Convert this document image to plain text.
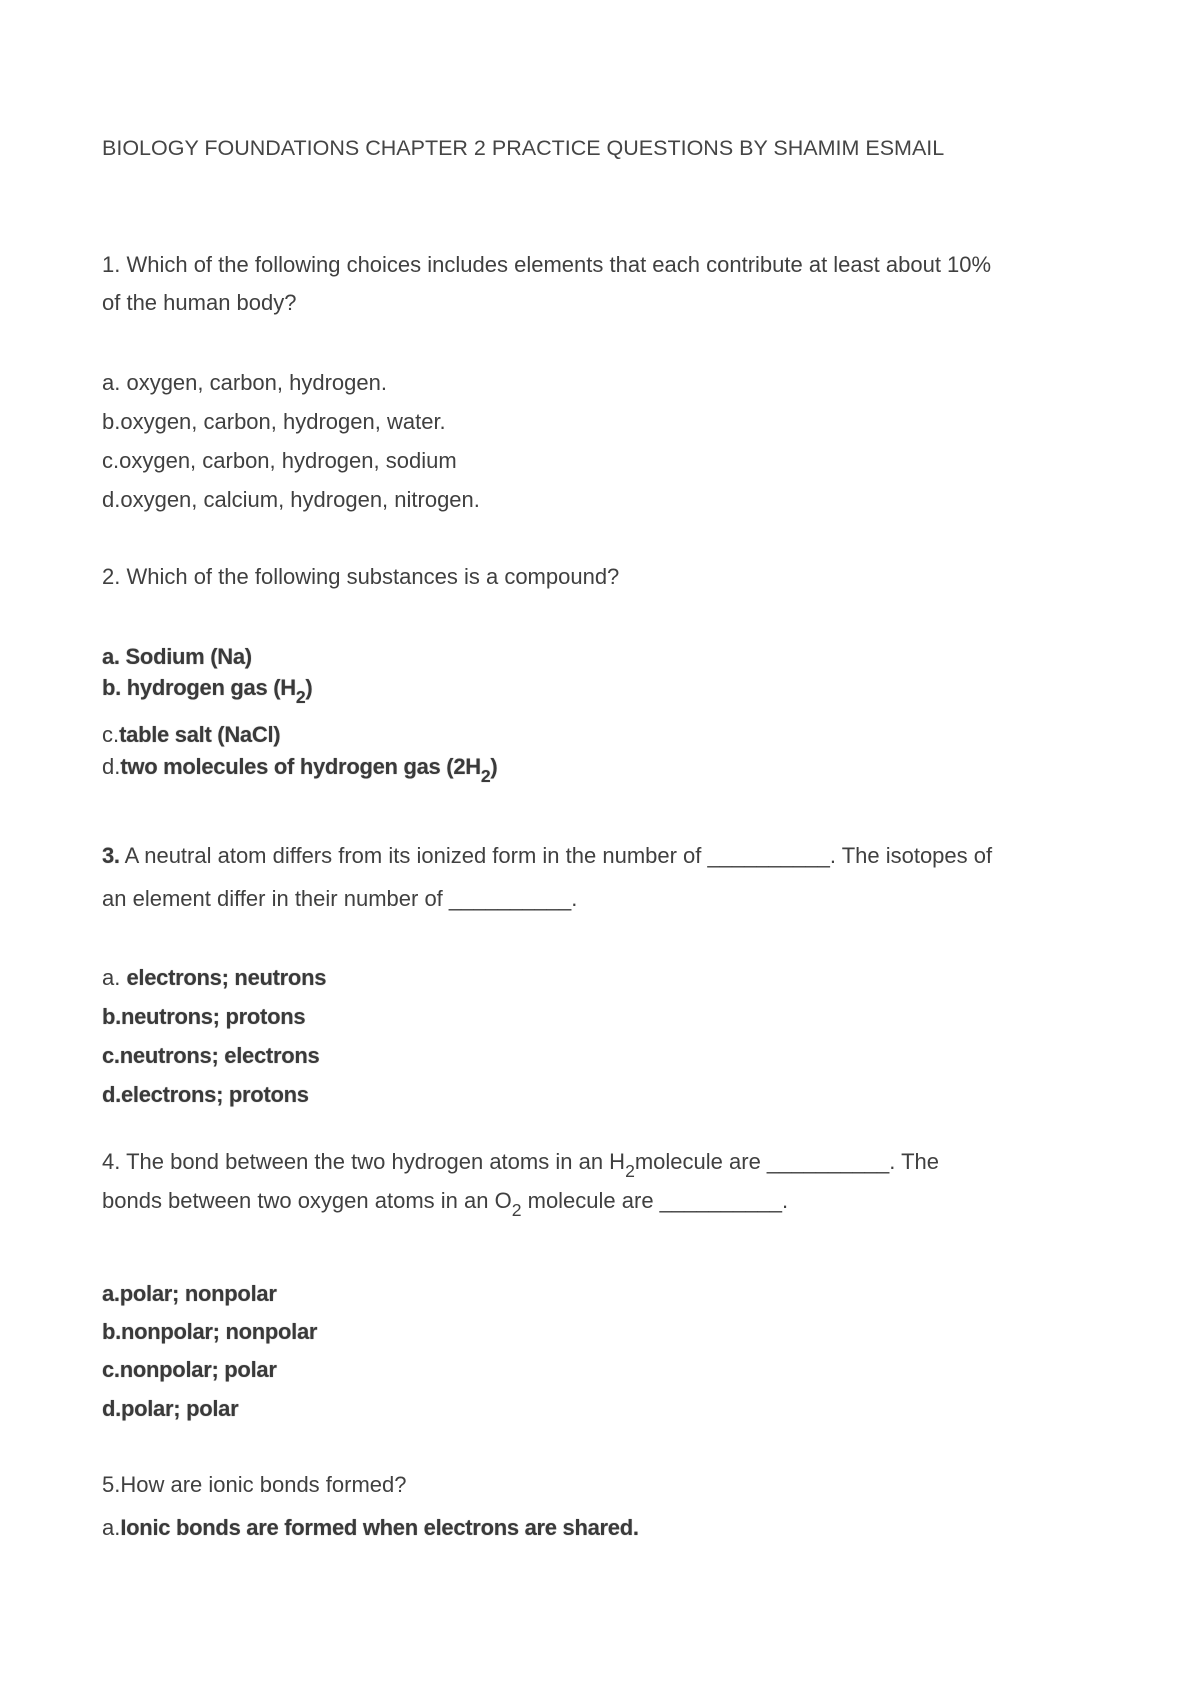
BIOLOGY FOUNDATIONS CHAPTER 2 PRACTICE QUESTIONS BY SHAMIM ESMAIL
1. Which of the following choices includes elements that each contribute at least about 10%
of the human body?
a. oxygen, carbon, hydrogen.
b.oxygen, carbon, hydrogen, water.
c.oxygen, carbon, hydrogen, sodium
d.oxygen, calcium, hydrogen, nitrogen.
2. Which of the following substances is a compound?
a. Sodium (Na)
b. hydrogen gas $(H_2)$
c.table salt (NaCl)
d.two molecules of hydrogen gas $(2H_2)$
3. A neutral atom differs from its ionized form in the number of __________. The isotopes of
an element differ in their number of __________.
a. electrons; neutrons
b.neutrons; protons
c.neutrons; electrons
d.electrons; protons
4. The bond between the two hydrogen atoms in an $H_2molecule$ are __________. The
bonds between two oxygen atoms in an $O_2$ molecule are __________.
a.polar; nonpolar
b.nonpolar; nonpolar
c.nonpolar; polar
d.polar; polar
5.How are ionic bonds formed?
a.Ionic bonds are formed when electrons are shared.
